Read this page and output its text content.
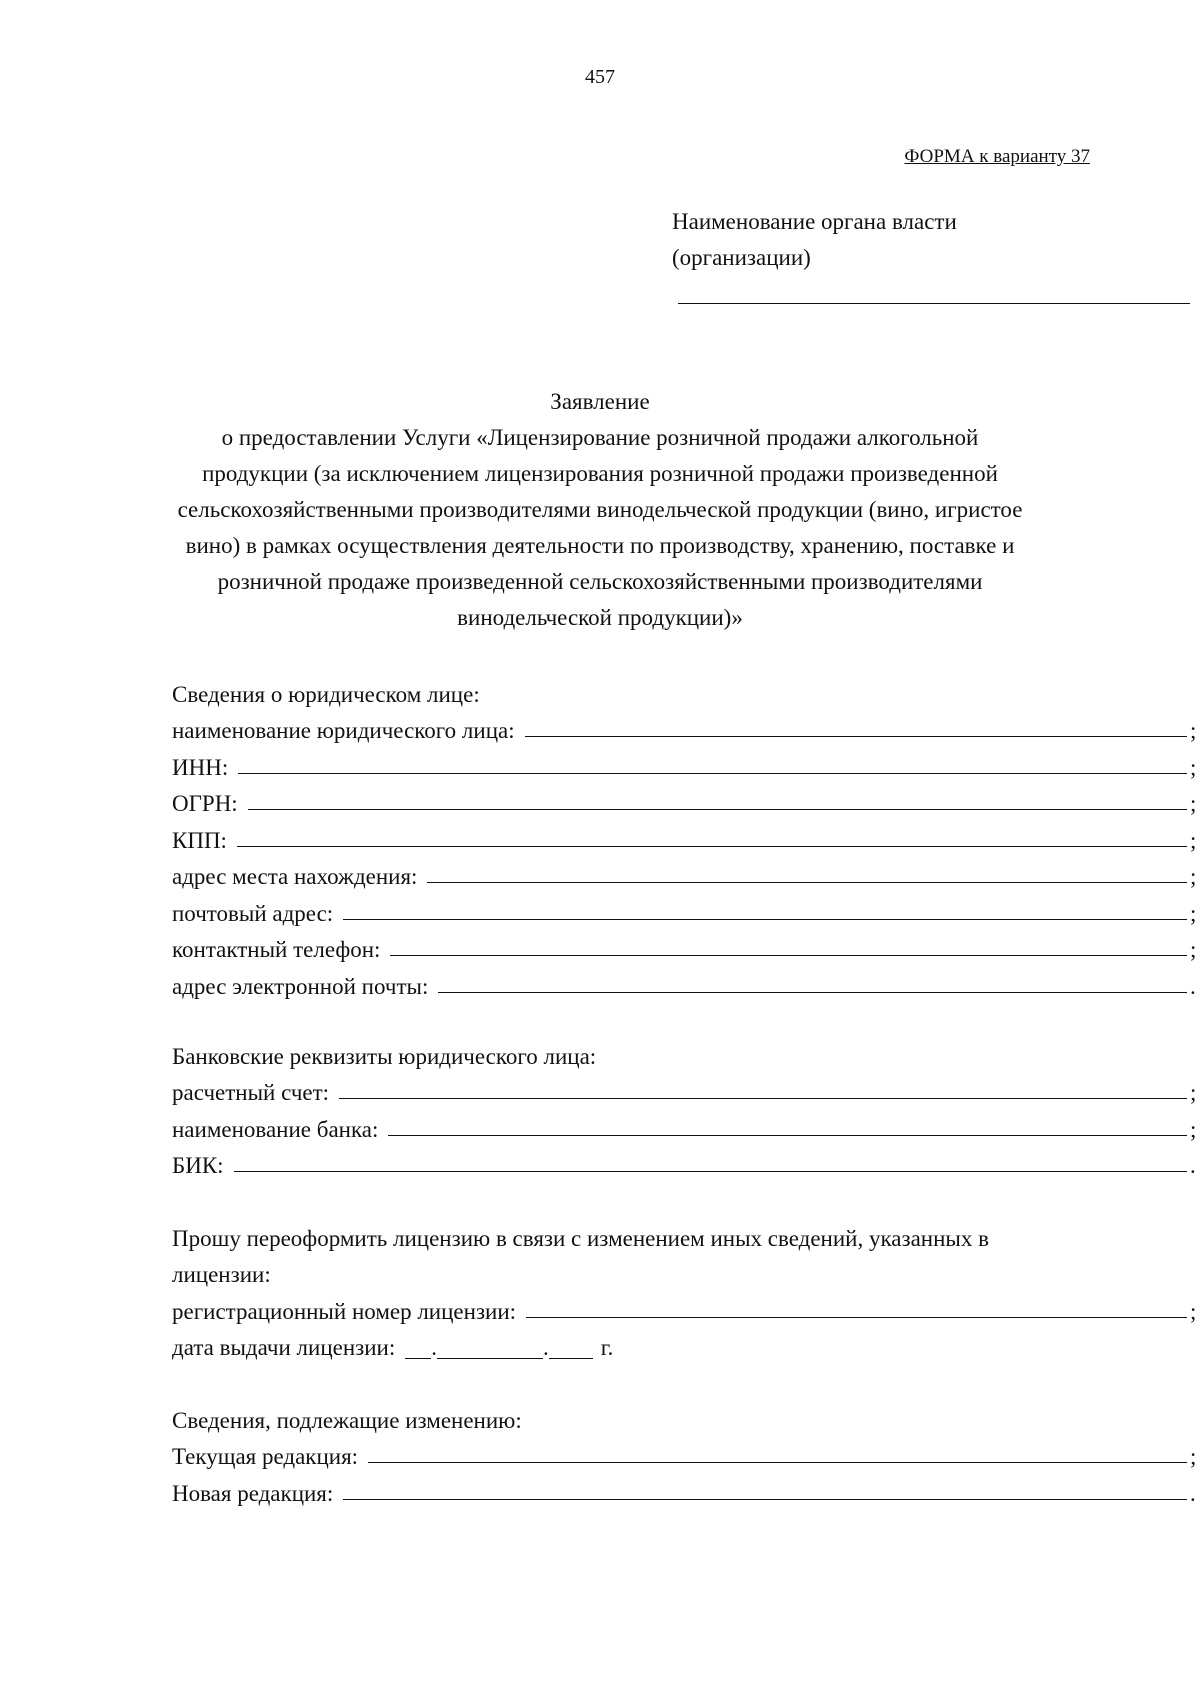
457
ФОРМА к варианту 37
Наименование органа власти
(организации)
Заявление
о предоставлении Услуги «Лицензирование розничной продажи алкогольной
продукции (за исключением лицензирования розничной продажи произведенной
сельскохозяйственными производителями винодельческой продукции (вино, игристое
вино) в рамках осуществления деятельности по производству, хранению, поставке и
розничной продаже произведенной сельскохозяйственными производителями
винодельческой продукции)»
Сведения о юридическом лице:
наименование юридического лица:	;
ИНН:	;
ОГРН:	;
КПП:	;
адрес места нахождения:	;
почтовый адрес:	;
контактный телефон:	;
адрес электронной почты:	.
Банковские реквизиты юридического лица:
расчетный счет:	;
наименование банка:	;
БИК:	.
Прошу переоформить лицензию в связи с изменением иных сведений, указанных в
лицензии:
регистрационный номер лицензии:	;
дата выдачи лицензии: .	. г.
Сведения, подлежащие изменению:
Текущая редакция:	;
Новая редакция:	.
